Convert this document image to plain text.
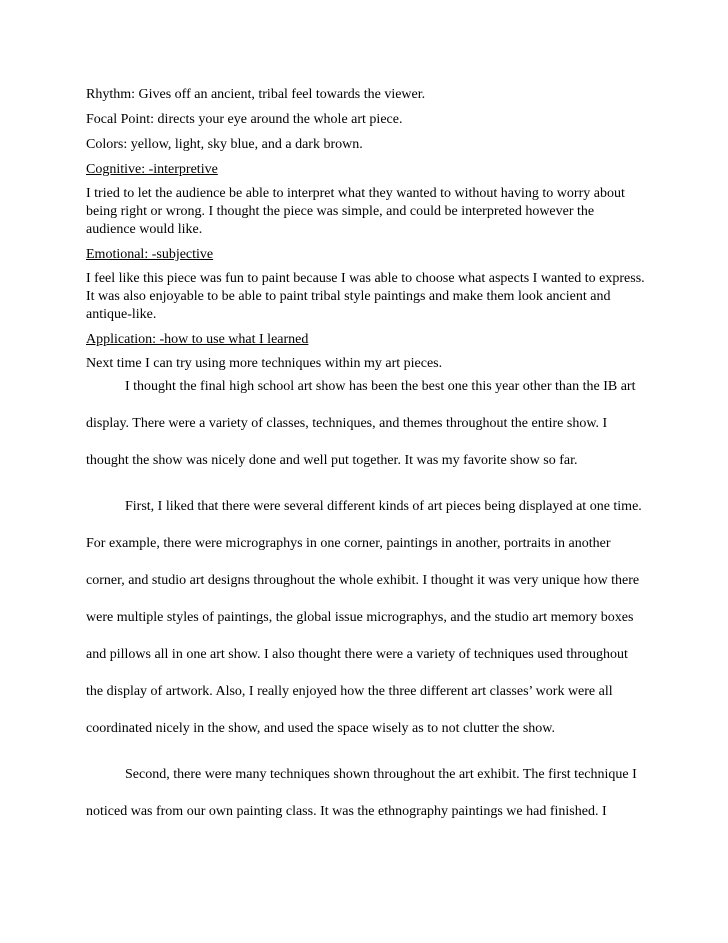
Rhythm: Gives off an ancient, tribal feel towards the viewer.

Focal Point: directs your eye around the whole art piece.

Colors: yellow, light, sky blue, and a dark brown.

Cognitive: -interpretive

I tried to let the audience be able to interpret what they wanted to without having to worry about being right or wrong. I thought the piece was simple, and could be interpreted however the audience would like.

Emotional: -subjective

I feel like this piece was fun to paint because I was able to choose what aspects I wanted to express. It was also enjoyable to be able to paint tribal style paintings and make them look ancient and antique-like.

Application: -how to use what I learned

Next time I can try using more techniques within my art pieces.

I thought the final high school art show has been the best one this year other than the IB art display. There were a variety of classes, techniques, and themes throughout the entire show. I thought the show was nicely done and well put together. It was my favorite show so far.

First, I liked that there were several different kinds of art pieces being displayed at one time. For example, there were micrographys in one corner, paintings in another, portraits in another corner, and studio art designs throughout the whole exhibit. I thought it was very unique how there were multiple styles of paintings, the global issue micrographys, and the studio art memory boxes and pillows all in one art show. I also thought there were a variety of techniques used throughout the display of artwork. Also, I really enjoyed how the three different art classes’ work were all coordinated nicely in the show, and used the space wisely as to not clutter the show.

Second, there were many techniques shown throughout the art exhibit. The first technique I noticed was from our own painting class. It was the ethnography paintings we had finished. I
